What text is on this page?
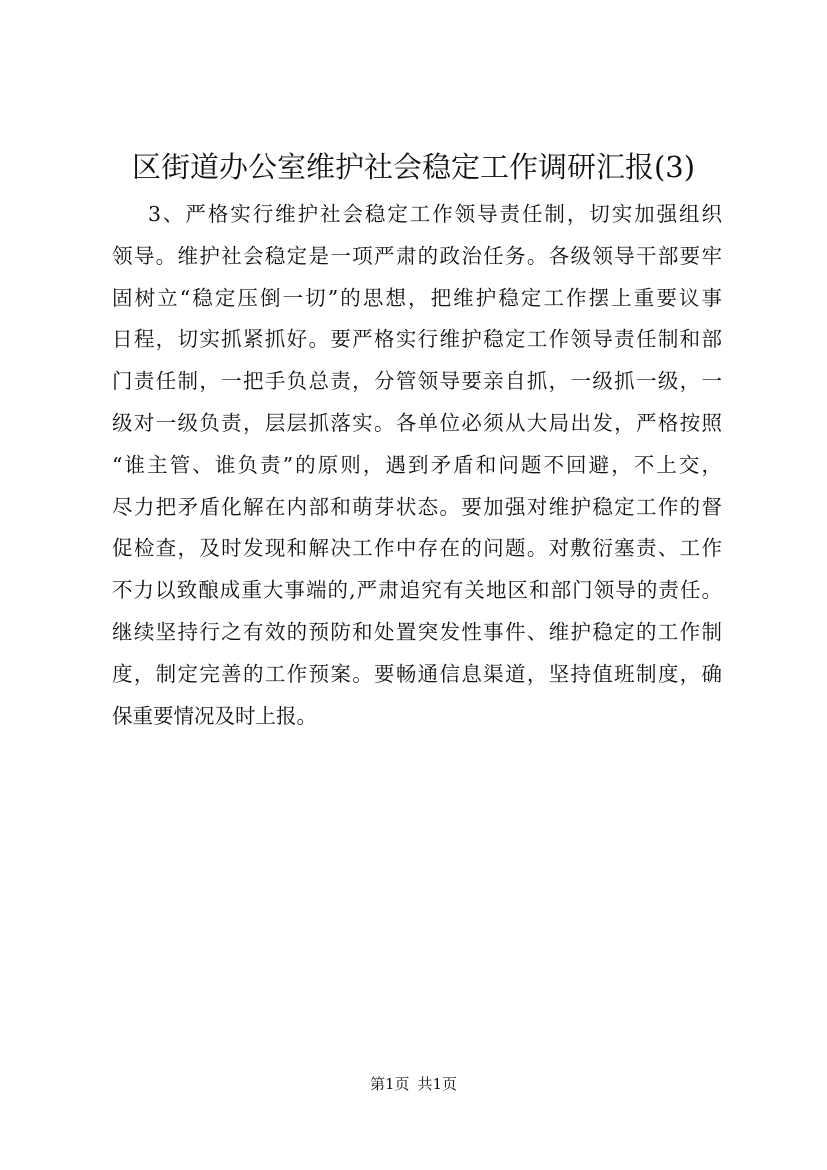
区街道办公室维护社会稳定工作调研汇报(3)
3、严格实行维护社会稳定工作领导责任制，切实加强组织
领导。维护社会稳定是一项严肃的政治任务。各级领导干部要牢
固树立“稳定压倒一切”的思想，把维护稳定工作摆上重要议事
日程，切实抓紧抓好。要严格实行维护稳定工作领导责任制和部
门责任制，一把手负总责，分管领导要亲自抓，一级抓一级，一
级对一级负责，层层抓落实。各单位必须从大局出发，严格按照
“谁主管、谁负责”的原则，遇到矛盾和问题不回避，不上交，
尽力把矛盾化解在内部和萌芽状态。要加强对维护稳定工作的督
促检查，及时发现和解决工作中存在的问题。对敷衍塞责、工作
不力以致酿成重大事端的,严肃追究有关地区和部门领导的责任。
继续坚持行之有效的预防和处置突发性事件、维护稳定的工作制
度，制定完善的工作预案。要畅通信息渠道，坚持值班制度，确
保重要情况及时上报。
第1页 共1页
